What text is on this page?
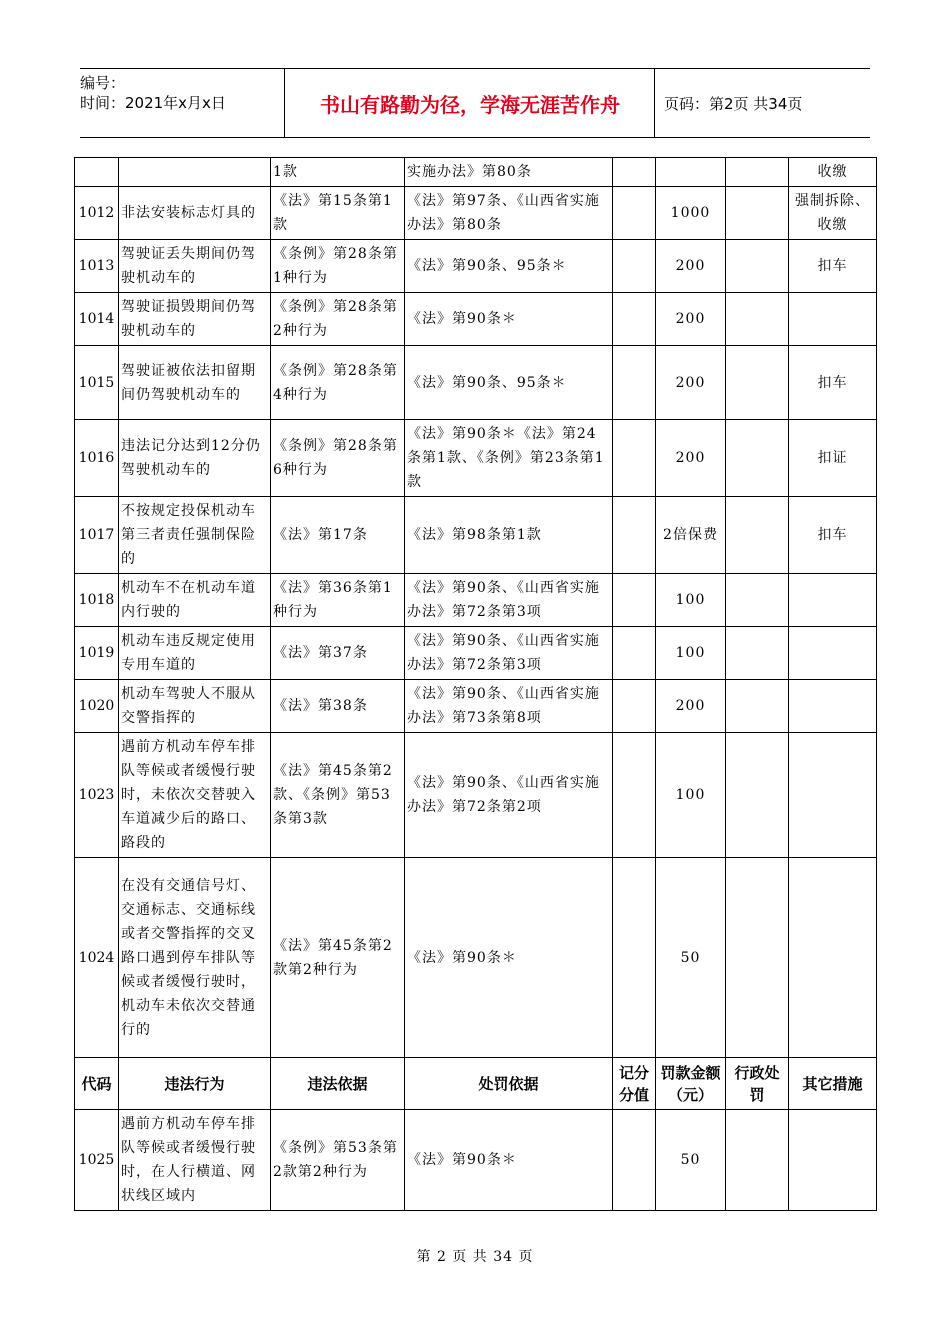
编号：
时间：2021年x月x日	书山有路勤为径，学海无涯苦作舟	页码：第2页 共34页
		1款	实施办法》第80条				收缴
1012	非法安装标志灯具的	《法》第15条第1款	《法》第97条、《山西省实施办法》第80条		1000		强制拆除、收缴
1013	驾驶证丢失期间仍驾驶机动车的	《条例》第28条第1种行为	《法》第90条、95条＊		200		扣车
1014	驾驶证损毁期间仍驾驶机动车的	《条例》第28条第2种行为	《法》第90条＊		200		
1015	驾驶证被依法扣留期间仍驾驶机动车的	《条例》第28条第4种行为	《法》第90条、95条＊		200		扣车
1016	违法记分达到12分仍驾驶机动车的	《条例》第28条第6种行为	《法》第90条＊《法》第24条第1款、《条例》第23条第1款		200		扣证
1017	不按规定投保机动车第三者责任强制保险的	《法》第17条	《法》第98条第1款		2倍保费		扣车
1018	机动车不在机动车道内行驶的	《法》第36条第1种行为	《法》第90条、《山西省实施办法》第72条第3项		100		
1019	机动车违反规定使用专用车道的	《法》第37条	《法》第90条、《山西省实施办法》第72条第3项		100		
1020	机动车驾驶人不服从交警指挥的	《法》第38条	《法》第90条、《山西省实施办法》第73条第8项		200		
1023	遇前方机动车停车排队等候或者缓慢行驶时，未依次交替驶入车道减少后的路口、路段的	《法》第45条第2款、《条例》第53条第3款	《法》第90条、《山西省实施办法》第72条第2项		100		
1024	在没有交通信号灯、交通标志、交通标线或者交警指挥的交叉路口遇到停车排队等候或者缓慢行驶时，机动车未依次交替通行的	《法》第45条第2款第2种行为	《法》第90条＊		50		
代码	违法行为	违法依据	处罚依据	记分分值	罚款金额（元）	行政处罚	其它措施
1025	遇前方机动车停车排队等候或者缓慢行驶时，在人行横道、网状线区域内	《条例》第53条第2款第2种行为	《法》第90条＊		50		
第 2 页 共 34 页
